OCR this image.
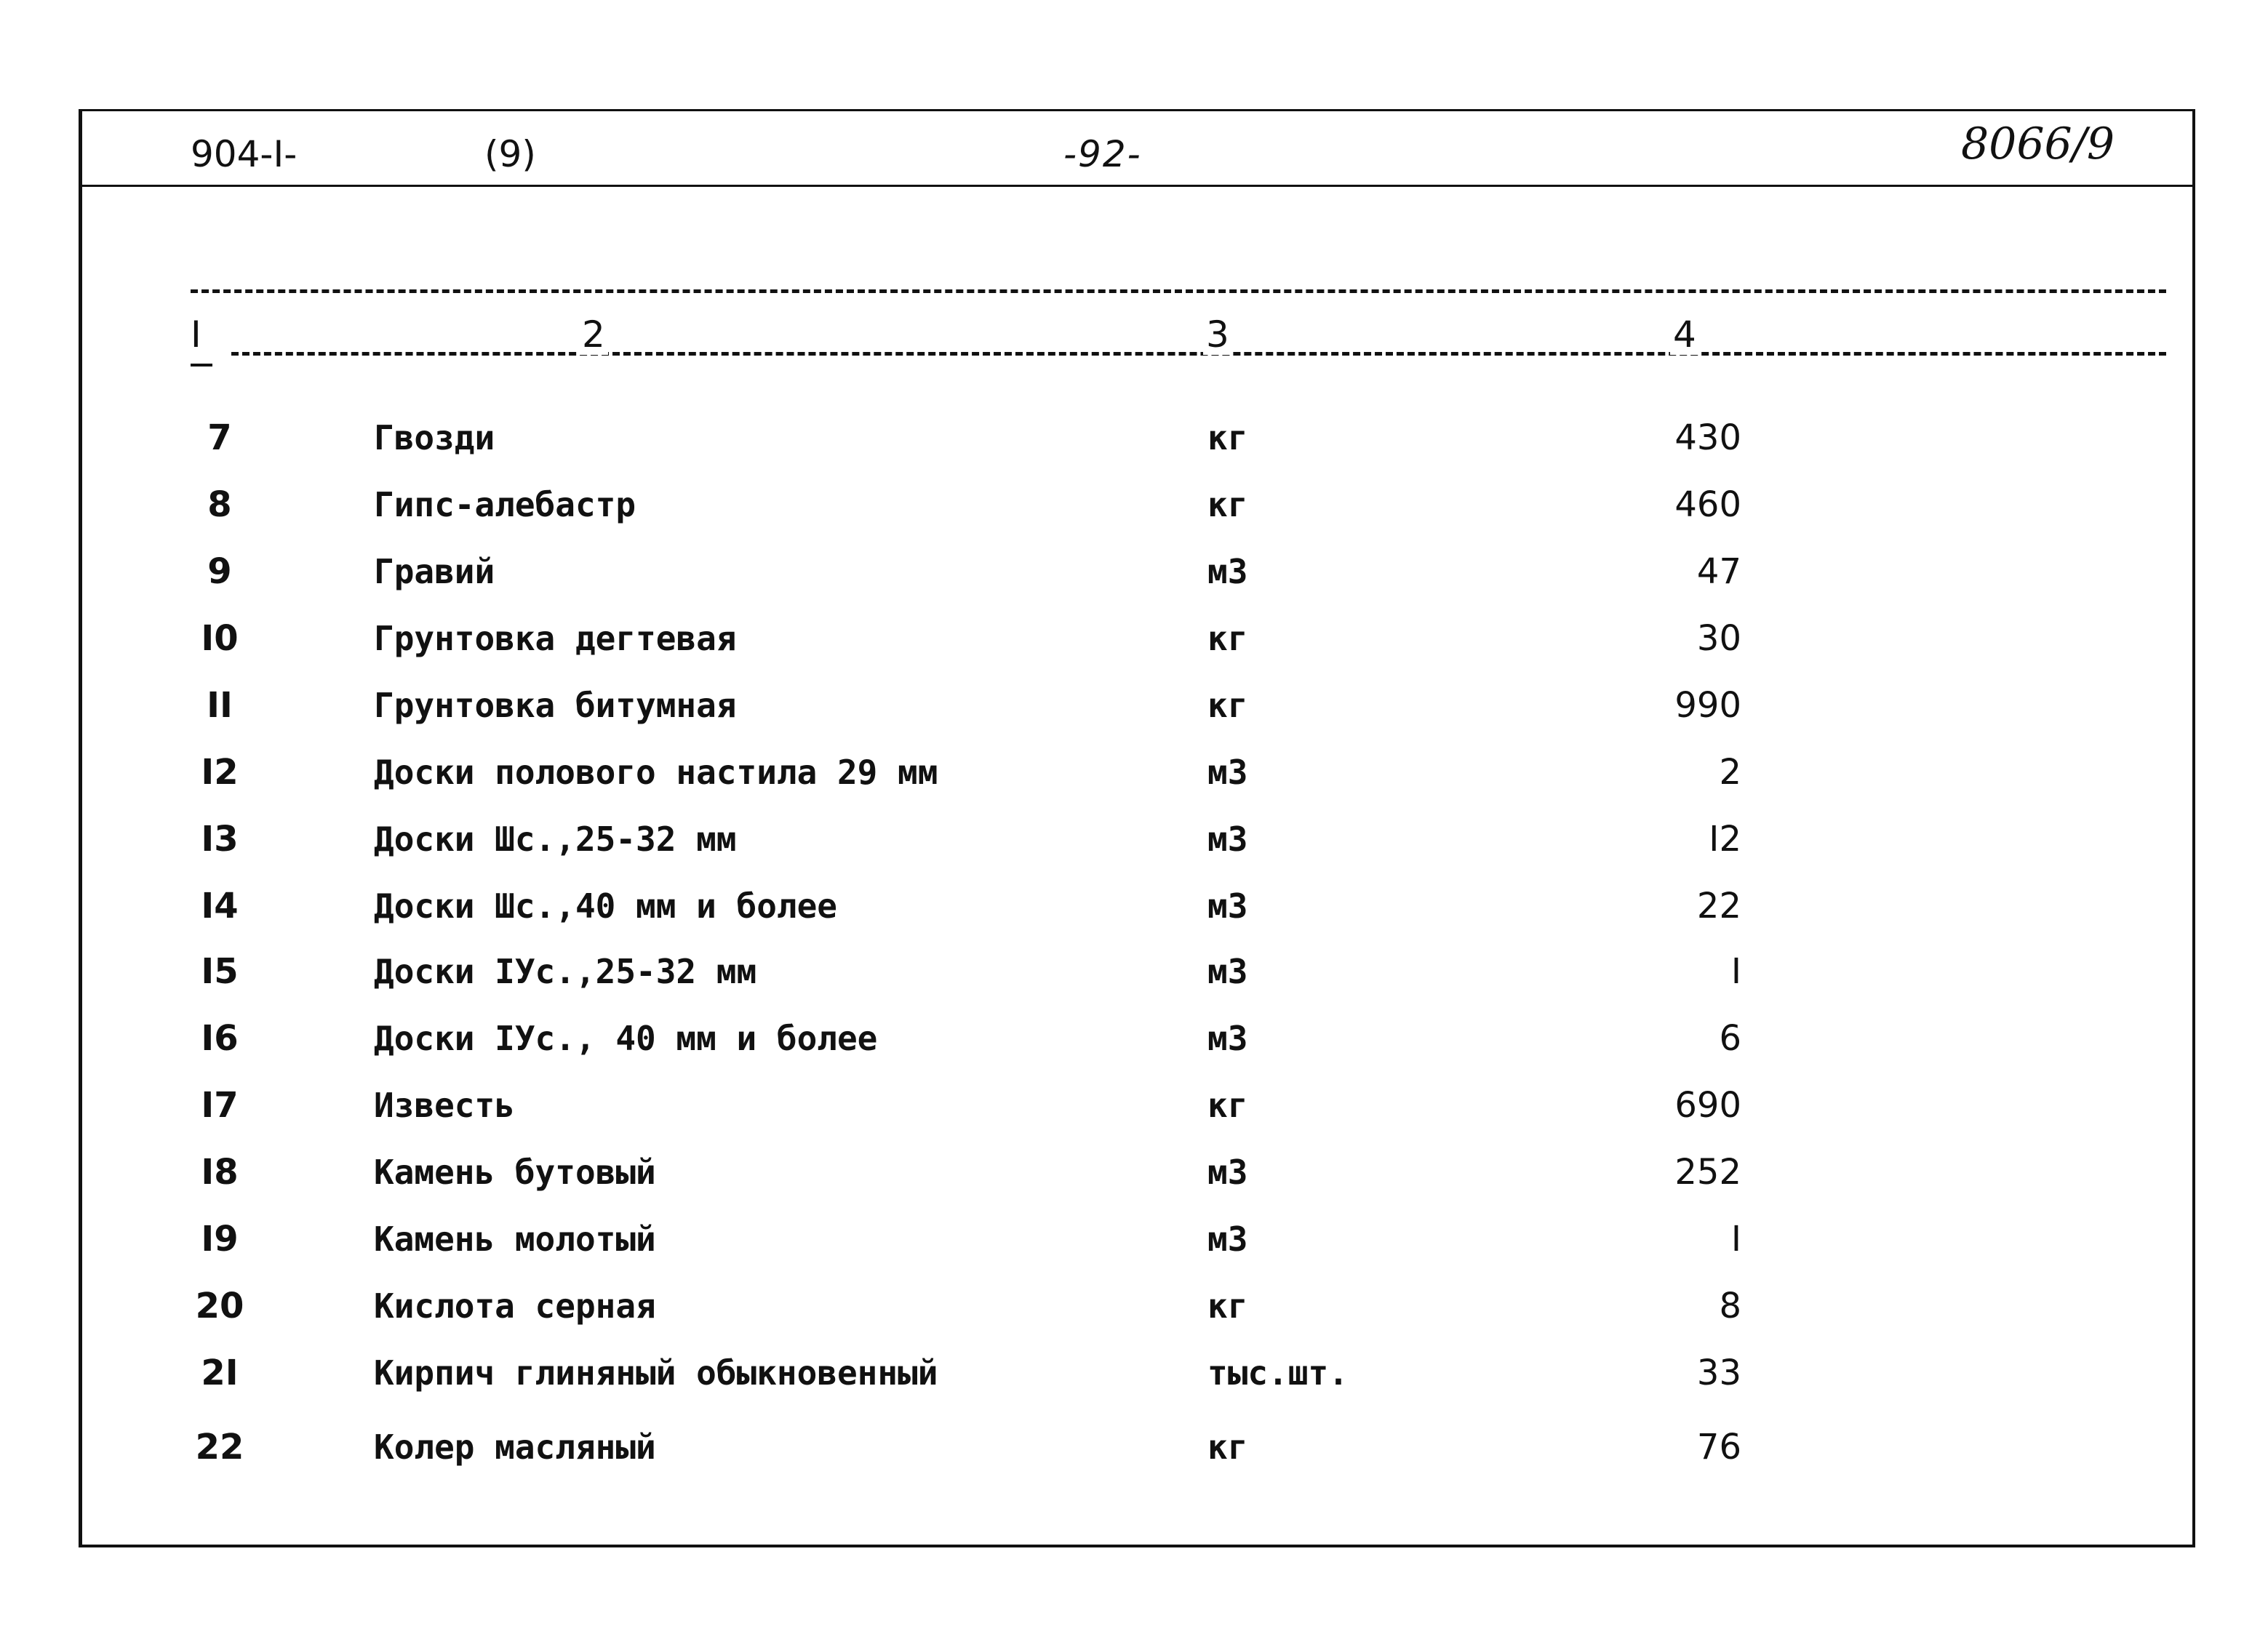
904-I-	(9)	-92-	8066/9
I	2	3	4
7	Гвозди	кг	430
8	Гипс-алебастр	кг	460
9	Гравий	м3	47
I0	Грунтовка дегтевая	кг	30
II	Грунтовка битумная	кг	990
I2	Доски полового настила 29 мм	м3	2
I3	Доски Шс.,25-32 мм	м3	I2
I4	Доски Шс.,40 мм и более	м3	22
I5	Доски IУс.,25-32 мм	м3	I
I6	Доски IУс., 40 мм и более	м3	6
I7	Известь	кг	690
I8	Камень бутовый	м3	252
I9	Камень молотый	м3	I
20	Кислота серная	кг	8
2I	Кирпич глиняный обыкновенный	тыс.шт.	33
22	Колер масляный	кг	76
